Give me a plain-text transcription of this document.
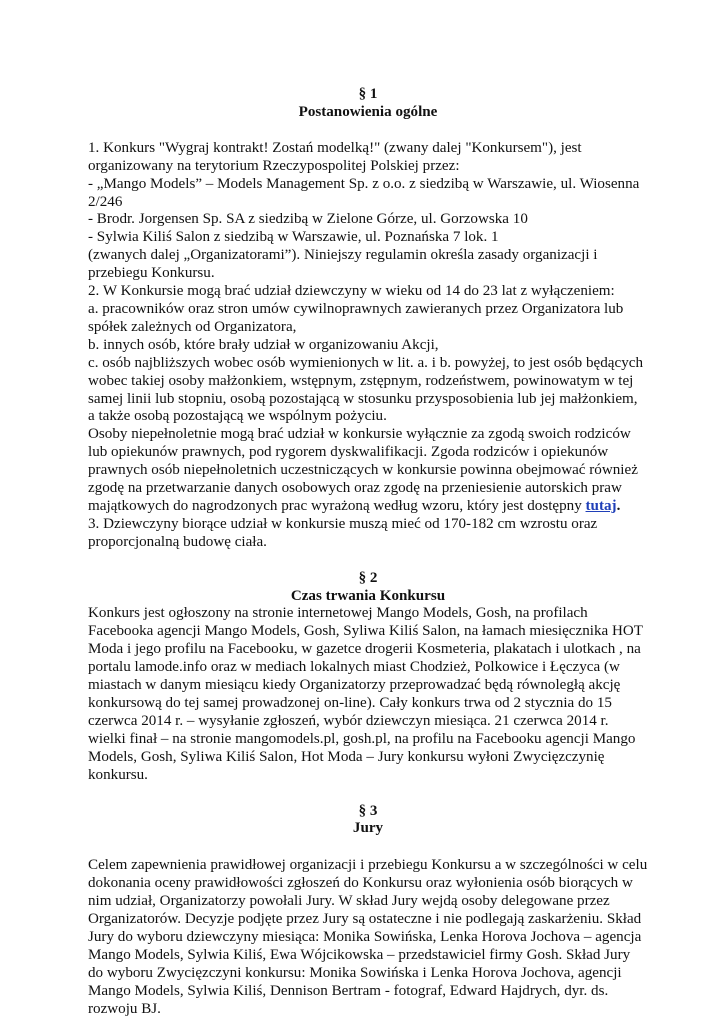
§ 1
Postanowienia ogólne

1. Konkurs "Wygraj kontrakt! Zostań modelką!" (zwany dalej "Konkursem"), jest organizowany na terytorium Rzeczypospolitej Polskiej przez:

- „Mango Models” – Models Management Sp. z o.o. z siedzibą w Warszawie, ul. Wiosenna 2/246

- Brodr. Jorgensen Sp. SA z siedzibą w Zielone Górze, ul. Gorzowska 10

- Sylwia Kiliś Salon z siedzibą w Warszawie, ul. Poznańska 7 lok. 1

(zwanych dalej „Organizatorami”). Niniejszy regulamin określa zasady organizacji i przebiegu Konkursu.

2. W Konkursie mogą brać udział dziewczyny w wieku od 14 do 23 lat z wyłączeniem:

a. pracowników oraz stron umów cywilnoprawnych zawieranych przez Organizatora lub spółek zależnych od Organizatora,

b. innych osób, które brały udział w organizowaniu Akcji,

c. osób najbliższych wobec osób wymienionych w lit. a. i b. powyżej, to jest osób będących wobec takiej osoby małżonkiem, wstępnym, zstępnym, rodzeństwem, powinowatym w tej samej linii lub stopniu, osobą pozostającą w stosunku przysposobienia lub jej małżonkiem, a także osobą pozostającą we wspólnym pożyciu.

Osoby niepełnoletnie mogą brać udział w konkursie wyłącznie za zgodą swoich rodziców lub opiekunów prawnych, pod rygorem dyskwalifikacji. Zgoda rodziców i opiekunów prawnych osób niepełnoletnich uczestniczących w konkursie powinna obejmować również zgodę na przetwarzanie danych osobowych oraz zgodę na przeniesienie autorskich praw majątkowych do nagrodzonych prac wyrażoną według wzoru, który jest dostępny tutaj.

3. Dziewczyny biorące udział w konkursie muszą mieć od 170-182 cm wzrostu oraz proporcjonalną budowę ciała.

§ 2
Czas trwania Konkursu

Konkurs jest ogłoszony na stronie internetowej Mango Models, Gosh, na profilach Facebooka agencji Mango Models, Gosh, Syliwa Kiliś Salon, na łamach miesięcznika HOT Moda i jego profilu na Facebooku, w gazetce drogerii Kosmeteria, plakatach i ulotkach , na portalu lamode.info oraz w mediach lokalnych miast Chodzież, Polkowice i Łęczyca (w miastach w danym miesiącu kiedy Organizatorzy przeprowadzać będą równoległą akcję konkursową do tej samej prowadzonej on-line). Cały konkurs trwa od 2 stycznia do 15 czerwca 2014 r. – wysyłanie zgłoszeń, wybór dziewczyn miesiąca. 21 czerwca 2014 r. wielki finał – na stronie mangomodels.pl, gosh.pl, na profilu na Facebooku agencji Mango Models, Gosh, Syliwa Kiliś Salon, Hot Moda – Jury konkursu wyłoni Zwycięzczynię konkursu.

§ 3
Jury

Celem zapewnienia prawidłowej organizacji i przebiegu Konkursu a w szczególności w celu dokonania oceny prawidłowości zgłoszeń do Konkursu oraz wyłonienia osób biorących w nim udział, Organizatorzy powołali Jury. W skład Jury wejdą osoby delegowane przez Organizatorów. Decyzje podjęte przez Jury są ostateczne i nie podlegają zaskarżeniu. Skład Jury do wyboru dziewczyny miesiąca: Monika Sowińska, Lenka Horova Jochova – agencja Mango Models, Sylwia Kiliś, Ewa Wójcikowska – przedstawiciel firmy Gosh. Skład Jury do wyboru Zwycięzczyni konkursu: Monika Sowińska i Lenka Horova Jochova, agencji Mango Models, Sylwia Kiliś, Dennison Bertram - fotograf, Edward Hajdrych, dyr. ds. rozwoju BJ.
